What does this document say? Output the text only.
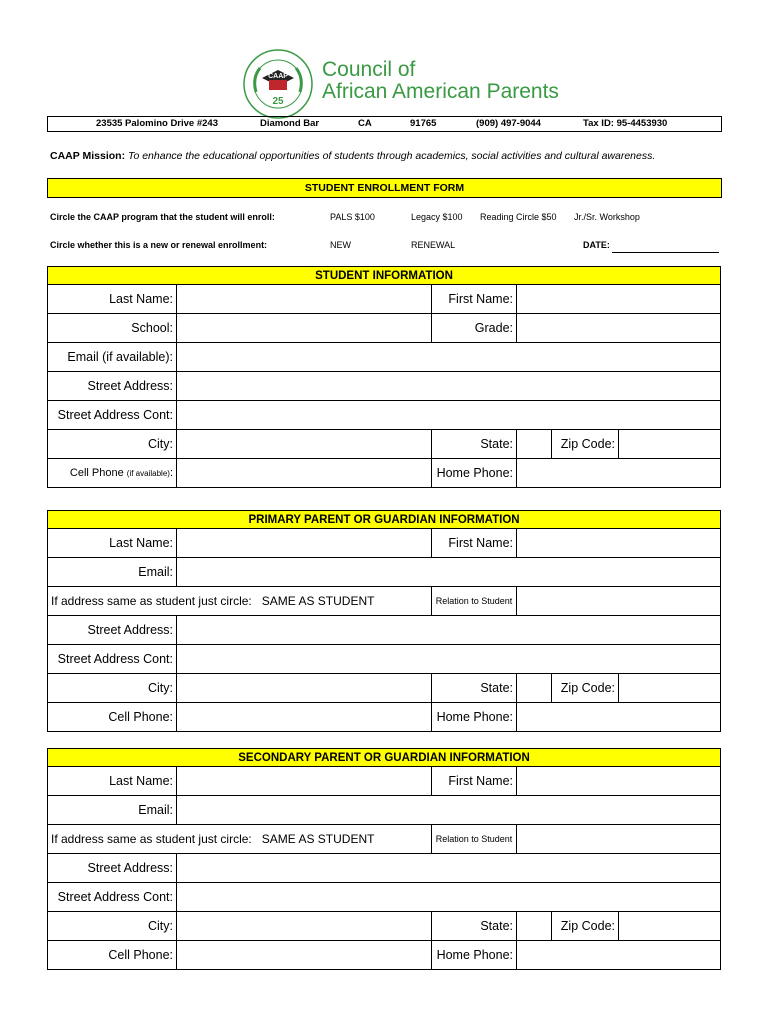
CAAP
25
Council of
African American Parents
23535 Palomino Drive #243	Diamond Bar	CA	91765	(909) 497-9044	Tax ID: 95-4453930
CAAP Mission: To enhance the educational opportunities of students through academics, social activities and cultural awareness.
STUDENT ENROLLMENT FORM
Circle the CAAP program that the student will enroll:	PALS $100	Legacy $100 Reading Circle $50 Jr./Sr. Workshop
Circle whether this is a new or renewal enrollment:	NEW	RENEWAL	DATE:
STUDENT INFORMATION					
Last Name:		First Name:			
School:		Grade:			
Email (if available):					
Street Address:					
Street Address Cont:					
City:		State:		Zip Code:	
Cell Phone (if available):		Home Phone:			
PRIMARY PARENT OR GUARDIAN INFORMATION					
Last Name:		First Name:			
Email:					
If address same as student just circle: SAME AS STUDENT		Relation to Student			
Street Address:					
Street Address Cont:					
City:		State:		Zip Code:	
Cell Phone:		Home Phone:			
SECONDARY PARENT OR GUARDIAN INFORMATION					
Last Name:		First Name:			
Email:					
If address same as student just circle: SAME AS STUDENT		Relation to Student			
Street Address:					
Street Address Cont:					
City:		State:		Zip Code:	
Cell Phone:		Home Phone:			
